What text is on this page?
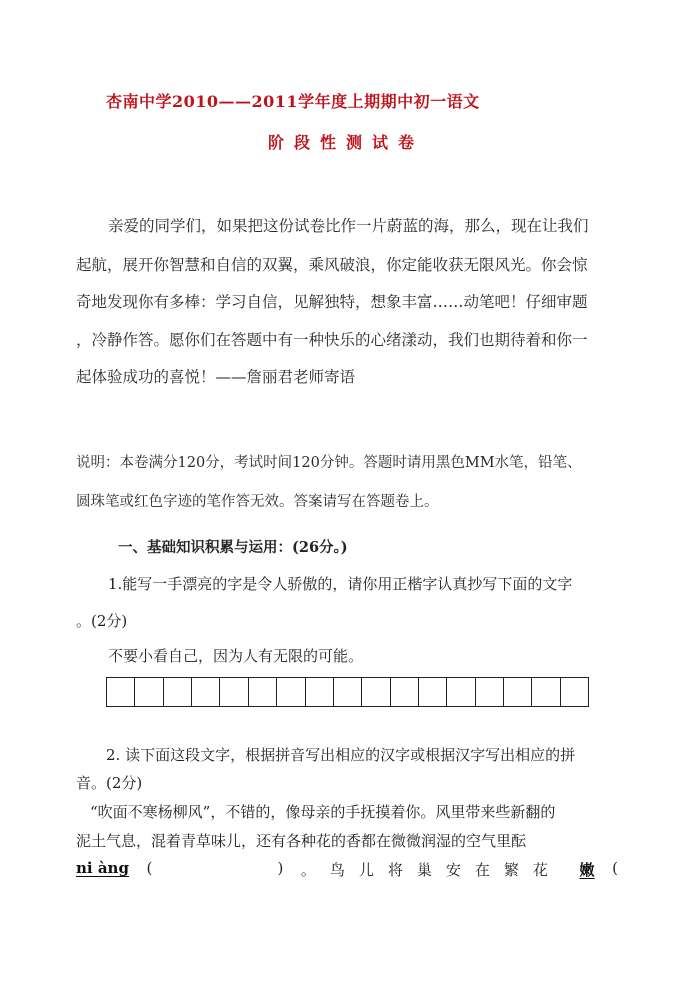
杏南中学2010——2011学年度上期期中初一语文
阶段性测试卷
亲爱的同学们，如果把这份试卷比作一片蔚蓝的海，那么，现在让我们
起航，展开你智慧和自信的双翼，乘风破浪，你定能收获无限风光。你会惊
奇地发现你有多棒：学习自信，见解独特，想象丰富……动笔吧！仔细审题
，冷静作答。愿你们在答题中有一种快乐的心绪漾动，我们也期待着和你一
起体验成功的喜悦！——詹丽君老师寄语
说明：本卷满分120分，考试时间120分钟。答题时请用黑色MM水笔，铅笔、
圆珠笔或红色字迹的笔作答无效。答案请写在答题卷上。
一、基础知识积累与运用：(26分。)
1.能写一手漂亮的字是令人骄傲的，请你用正楷字认真抄写下面的文字
。(2分)
不要小看自己，因为人有无限的可能。
2. 读下面这段文字，根据拼音写出相应的汉字或根据汉字写出相应的拼
音。(2分)
“吹面不寒杨柳风”，不错的，像母亲的手抚摸着你。风里带来些新翻的
泥土气息，混着青草味儿，还有各种花的香都在微微润湿的空气里酝
ni àng (	) 。鸟儿将巢安在繁花 嫩 (
